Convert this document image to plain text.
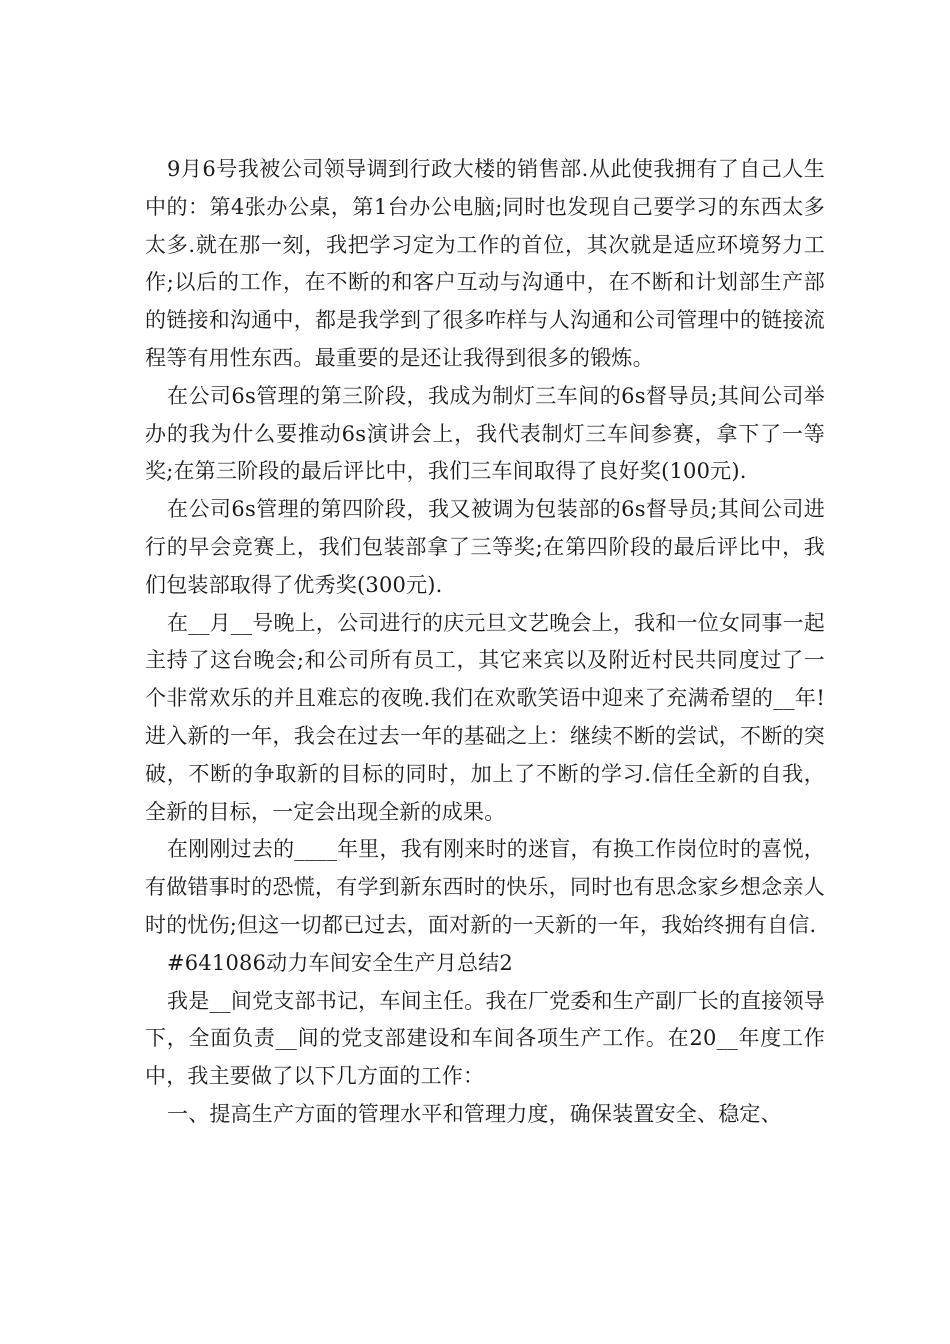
9月6号我被公司领导调到行政大楼的销售部.从此使我拥有了自己人生中的：第4张办公桌，第1台办公电脑;同时也发现自己要学习的东西太多太多.就在那一刻，我把学习定为工作的首位，其次就是适应环境努力工作;以后的工作，在不断的和客户互动与沟通中，在不断和计划部生产部的链接和沟通中，都是我学到了很多咋样与人沟通和公司管理中的链接流程等有用性东西。最重要的是还让我得到很多的锻炼。

在公司6s管理的第三阶段，我成为制灯三车间的6s督导员;其间公司举办的我为什么要推动6s演讲会上，我代表制灯三车间参赛，拿下了一等奖;在第三阶段的最后评比中，我们三车间取得了良好奖(100元).

在公司6s管理的第四阶段，我又被调为包装部的6s督导员;其间公司进行的早会竞赛上，我们包装部拿了三等奖;在第四阶段的最后评比中，我们包装部取得了优秀奖(300元).

在__月__号晚上，公司进行的庆元旦文艺晚会上，我和一位女同事一起主持了这台晚会;和公司所有员工，其它来宾以及附近村民共同度过了一个非常欢乐的并且难忘的夜晚.我们在欢歌笑语中迎来了充满希望的__年!进入新的一年，我会在过去一年的基础之上：继续不断的尝试，不断的突破，不断的争取新的目标的同时，加上了不断的学习.信任全新的自我，全新的目标，一定会出现全新的成果。

在刚刚过去的____年里，我有刚来时的迷盲，有换工作岗位时的喜悦，有做错事时的恐慌，有学到新东西时的快乐，同时也有思念家乡想念亲人时的忧伤;但这一切都已过去，面对新的一天新的一年，我始终拥有自信.

#641086动力车间安全生产月总结2

我是__间党支部书记，车间主任。我在厂党委和生产副厂长的直接领导下，全面负责__间的党支部建设和车间各项生产工作。在20__年度工作中，我主要做了以下几方面的工作：

一、提高生产方面的管理水平和管理力度，确保装置安全、稳定、
